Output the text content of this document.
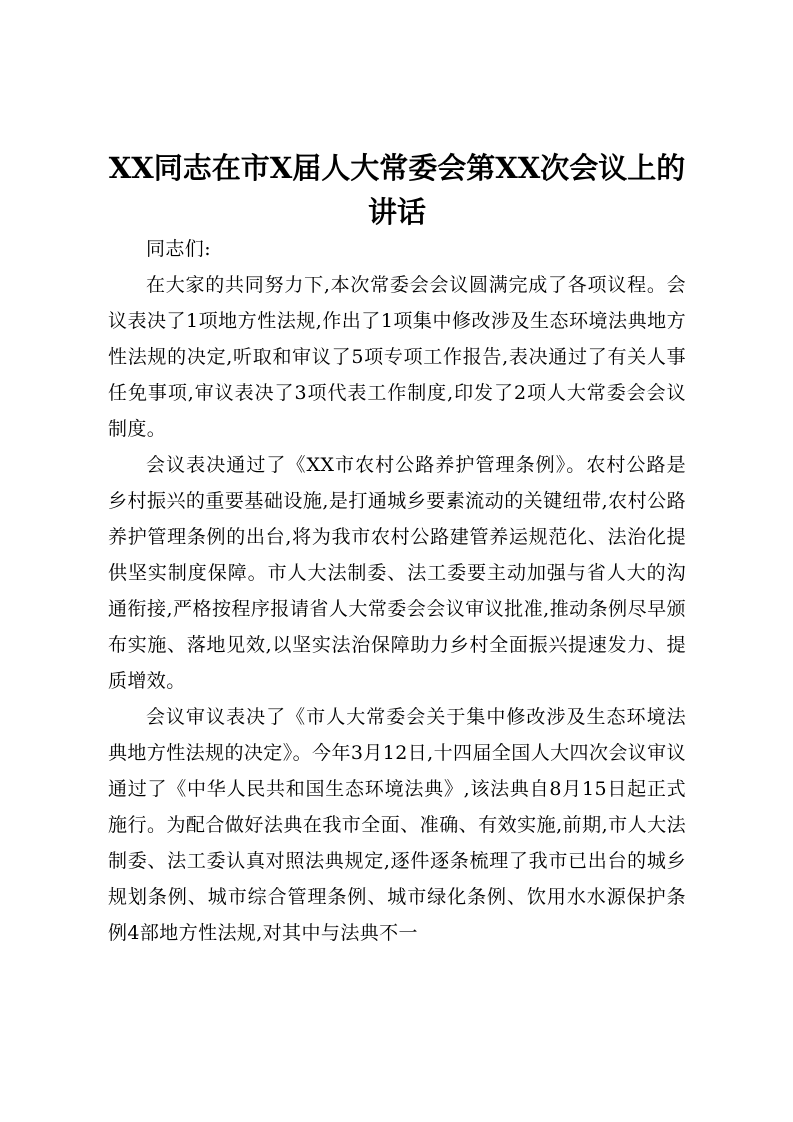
XX同志在市X届人大常委会第XX次会议上的讲话

同志们:

在大家的共同努力下,本次常委会会议圆满完成了各项议程。会议表决了1项地方性法规,作出了1项集中修改涉及生态环境法典地方性法规的决定,听取和审议了5项专项工作报告,表决通过了有关人事任免事项,审议表决了3项代表工作制度,印发了2项人大常委会会议制度。

会议表决通过了《XX市农村公路养护管理条例》。农村公路是乡村振兴的重要基础设施,是打通城乡要素流动的关键纽带,农村公路养护管理条例的出台,将为我市农村公路建管养运规范化、法治化提供坚实制度保障。市人大法制委、法工委要主动加强与省人大的沟通衔接,严格按程序报请省人大常委会会议审议批准,推动条例尽早颁布实施、落地见效,以坚实法治保障助力乡村全面振兴提速发力、提质增效。

会议审议表决了《市人大常委会关于集中修改涉及生态环境法典地方性法规的决定》。今年3月12日,十四届全国人大四次会议审议通过了《中华人民共和国生态环境法典》,该法典自8月15日起正式施行。为配合做好法典在我市全面、准确、有效实施,前期,市人大法制委、法工委认真对照法典规定,逐件逐条梳理了我市已出台的城乡规划条例、城市综合管理条例、城市绿化条例、饮用水水源保护条例4部地方性法规,对其中与法典不一
